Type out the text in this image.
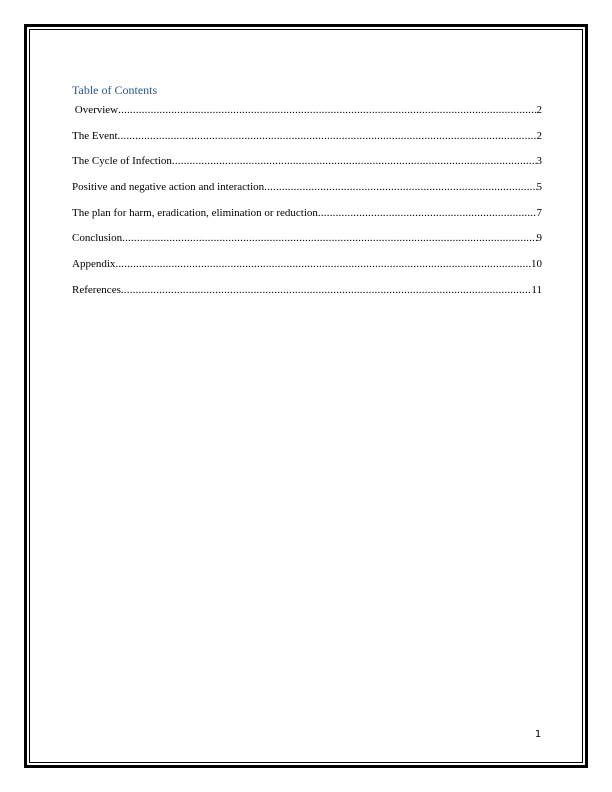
Table of Contents
Overview .....	2
The Event .....	2
The Cycle of Infection .....	3
Positive and negative action and interaction .....	5
The plan for harm, eradication, elimination or reduction .....	7
Conclusion .....	9
Appendix .....	10
References .....	11
1
